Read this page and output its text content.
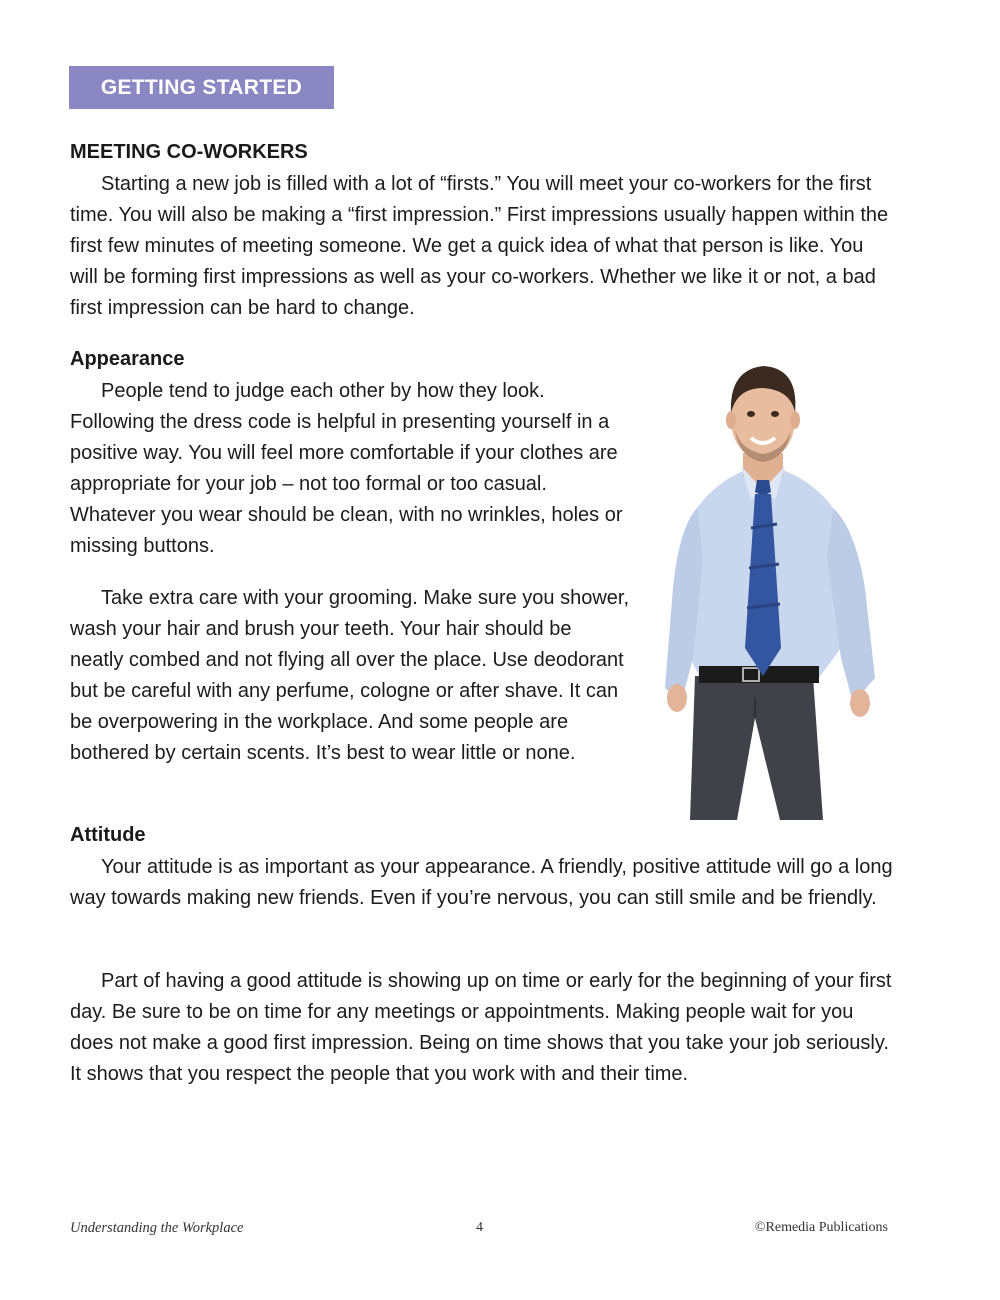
GETTING STARTED
MEETING CO-WORKERS

Starting a new job is filled with a lot of “firsts.” You will meet your co-workers for the first time. You will also be making a “first impression.” First impressions usually happen within the first few minutes of meeting someone. We get a quick idea of what that person is like. You will be forming first impressions as well as your co-workers. Whether we like it or not, a bad first impression can be hard to change.

Appearance

People tend to judge each other by how they look. Following the dress code is helpful in presenting yourself in a positive way. You will feel more comfortable if your clothes are appropriate for your job – not too formal or too casual. Whatever you wear should be clean, with no wrinkles, holes or missing buttons.

Take extra care with your grooming. Make sure you shower, wash your hair and brush your teeth. Your hair should be neatly combed and not flying all over the place. Use deodorant but be careful with any perfume, cologne or after shave. It can be overpowering in the workplace. And some people are bothered by certain scents. It’s best to wear little or none.

Attitude

Your attitude is as important as your appearance. A friendly, positive attitude will go a long way towards making new friends. Even if you’re nervous, you can still smile and be friendly.

Part of having a good attitude is showing up on time or early for the beginning of your first day. Be sure to be on time for any meetings or appointments. Making people wait for you does not make a good first impression. Being on time shows that you take your job seriously. It shows that you respect the people that you work with and their time.

Understanding the Workplace	4	©Remedia Publications
